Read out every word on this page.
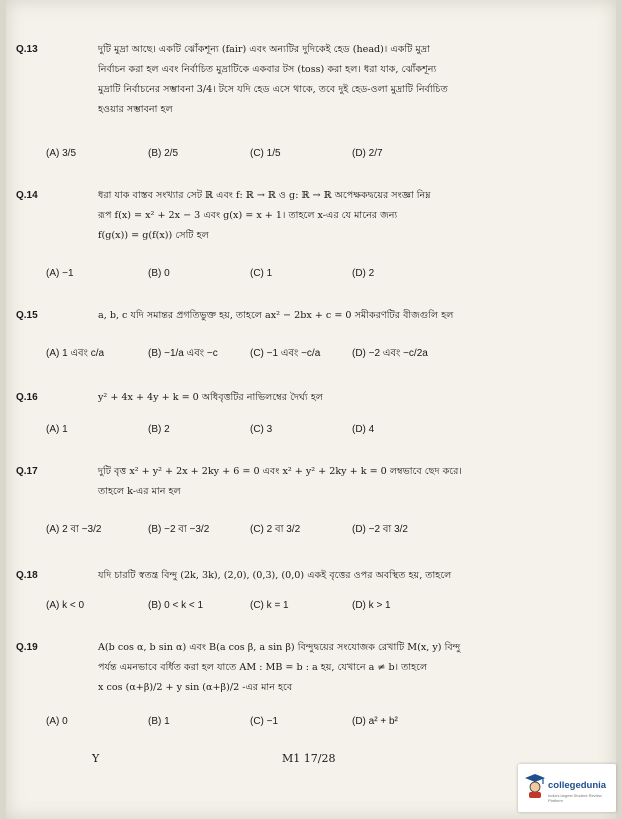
Q.13	দুটি মুদ্রা আছে। একটি ঝোঁকশূন্য (fair) এবং অন্যটির দুদিকেই হেড (head)। একটি মুদ্রা
নির্বাচন করা হল এবং নির্বাচিত মুদ্রাটিকে একবার টস (toss) করা হল। ধরা যাক, ঝোঁকশূন্য
মুদ্রাটি নির্বাচনের সম্ভাবনা 3/4। টসে যদি হেড এসে থাকে, তবে দুই হেড-ওলা মুদ্রাটি নির্বাচিত
হওয়ার সম্ভাবনা হল
(A) 3/5	(B) 2/5	(C) 1/5	(D) 2/7
Q.14	ধরা যাক বাস্তব সংখ্যার সেট ℝ এবং f: ℝ → ℝ ও g: ℝ → ℝ অপেক্ষকদ্বয়ের সংজ্ঞা নিম্ন
রূপ f(x) = x² + 2x − 3 এবং g(x) = x + 1। তাহলে x-এর যে মানের জন্য
f(g(x)) = g(f(x)) সেটি হল
(A) −1	(B) 0	(C) 1	(D) 2
Q.15	a, b, c যদি সমান্তর প্রগতিভুক্ত হয়, তাহলে ax² − 2bx + c = 0 সমীকরণটির বীজগুলি হল
(A) 1 এবং c/a	(B) −1/a এবং −c	(C) −1 এবং −c/a	(D) −2 এবং −c/2a
Q.16	y² + 4x + 4y + k = 0 অধিবৃত্তটির নাভিলম্বের দৈর্ঘ্য হল
(A) 1	(B) 2	(C) 3	(D) 4
Q.17	দুটি বৃত্ত x² + y² + 2x + 2ky + 6 = 0 এবং x² + y² + 2ky + k = 0 লম্বভাবে ছেদ করে।
তাহলে k-এর মান হল
(A) 2 বা −3/2	(B) −2 বা −3/2	(C) 2 বা 3/2	(D) −2 বা 3/2
Q.18	যদি চারটি স্বতন্ত্র বিন্দু (2k, 3k), (2,0), (0,3), (0,0) একই বৃত্তের ওপর অবস্থিত হয়, তাহলে
(A) k < 0	(B) 0 < k < 1	(C) k = 1	(D) k > 1
Q.19	A(b cos α, b sin α) এবং B(a cos β, a sin β) বিন্দুদ্বয়ের সংযোজক রেখাটি M(x, y) বিন্দু
পর্যন্ত এমনভাবে বর্ধিত করা হল যাতে AM : MB = b : a হয়, যেখানে a ≠ b। তাহলে
x cos (α+β)/2 + y sin (α+β)/2 -এর মান হবে
(A) 0	(B) 1	(C) −1	(D) a² + b²
Y	M1 17/28
collegedunia
India's largest Student Review Platform
